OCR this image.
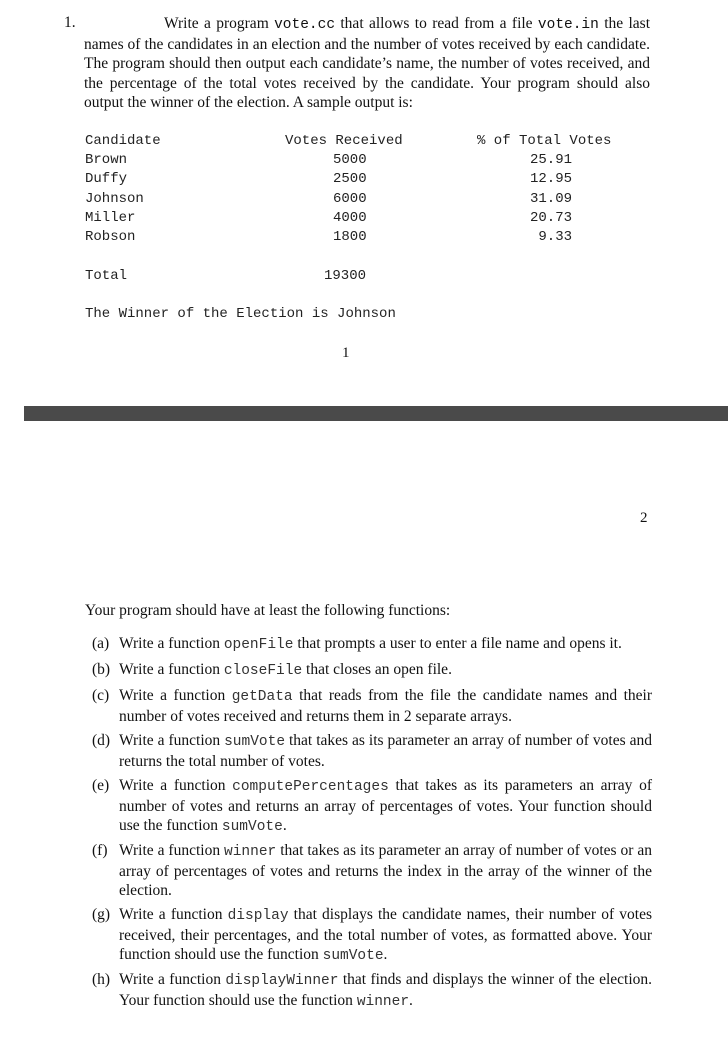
1.	Write a program vote.cc that allows to read from a file vote.in the last names of the candidates in an election and the number of votes received by each candidate. The program should then output each candidate’s name, the number of votes received, and the percentage of the total votes received by the candidate. Your program should also output the winner of the election. A sample output is:

Candidate	Votes Received	% of Total Votes
Brown	5000	25.91
Duffy	2500	12.95
Johnson	6000	31.09
Miller	4000	20.73
Robson	1800	9.33
Total	19300
The Winner of the Election is Johnson
1
2

Your program should have at least the following functions:

(a) Write a function openFile that prompts a user to enter a file name and opens it.

(b) Write a function closeFile that closes an open file.

(c) Write a function getData that reads from the file the candidate names and their number of votes received and returns them in 2 separate arrays.

(d) Write a function sumVote that takes as its parameter an array of number of votes and returns the total number of votes.

(e) Write a function computePercentages that takes as its parameters an array of number of votes and returns an array of percentages of votes. Your function should use the function sumVote.

(f) Write a function winner that takes as its parameter an array of number of votes or an array of percentages of votes and returns the index in the array of the winner of the election.

(g) Write a function display that displays the candidate names, their number of votes received, their percentages, and the total number of votes, as formatted above. Your function should use the function sumVote.

(h) Write a function displayWinner that finds and displays the winner of the election. Your function should use the function winner.
